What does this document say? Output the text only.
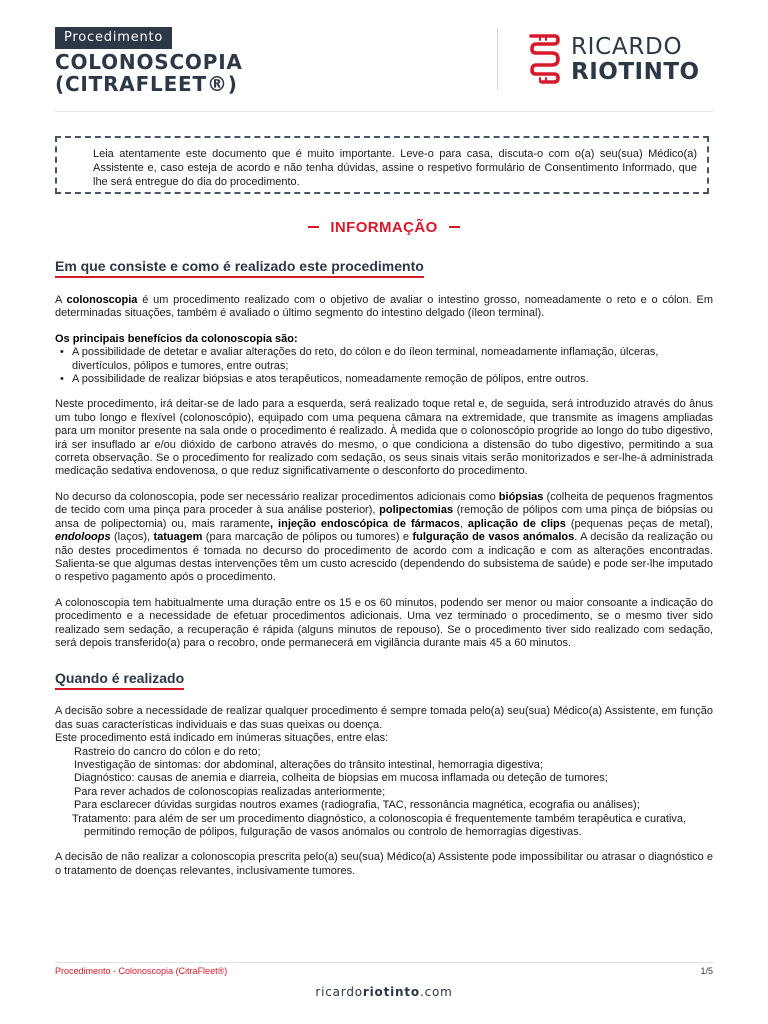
Procedimento
COLONOSCOPIA
(CITRAFLEET®)
RICARDO
RIOTINTO
Leia atentamente este documento que é muito importante. Leve-o para casa, discuta-o com o(a) seu(sua) Médico(a) Assistente e, caso esteja de acordo e não tenha dúvidas, assine o respetivo formulário de Consentimento Informado, que lhe será entregue do dia do procedimento.
INFORMAÇÃO
Em que consiste e como é realizado este procedimento

A colonoscopia é um procedimento realizado com o objetivo de avaliar o intestino grosso, nomeadamente o reto e o cólon. Em determinadas situações, também é avaliado o último segmento do intestino delgado (íleon terminal).

Os principais benefícios da colonoscopia são:

• A possibilidade de detetar e avaliar alterações do reto, do cólon e do íleon terminal, nomeadamente inflamação, úlceras, divertículos, pólipos e tumores, entre outras;
• A possibilidade de realizar biópsias e atos terapêuticos, nomeadamente remoção de pólipos, entre outros.

Neste procedimento, irá deitar-se de lado para a esquerda, será realizado toque retal e, de seguida, será introduzido através do ânus um tubo longo e flexível (colonoscópio), equipado com uma pequena câmara na extremidade, que transmite as imagens ampliadas para um monitor presente na sala onde o procedimento é realizado. À medida que o colonoscópio progride ao longo do tubo digestivo, irá ser insuflado ar e/ou dióxido de carbono através do mesmo, o que condiciona a distensão do tubo digestivo, permitindo a sua correta observação. Se o procedimento for realizado com sedação, os seus sinais vitais serão monitorizados e ser-lhe-á administrada medicação sedativa endovenosa, o que reduz significativamente o desconforto do procedimento.

No decurso da colonoscopia, pode ser necessário realizar procedimentos adicionais como biópsias (colheita de pequenos fragmentos de tecido com uma pinça para proceder à sua análise posterior), polipectomias (remoção de pólipos com uma pinça de biópsias ou ansa de polipectomia) ou, mais raramente, injeção endoscópica de fármacos, aplicação de clips (pequenas peças de metal), endoloops (laços), tatuagem (para marcação de pólipos ou tumores) e fulguração de vasos anómalos. A decisão da realização ou não destes procedimentos é tomada no decurso do procedimento de acordo com a indicação e com as alterações encontradas. Salienta-se que algumas destas intervenções têm um custo acrescido (dependendo do subsistema de saúde) e pode ser-lhe imputado o respetivo pagamento após o procedimento.

A colonoscopia tem habitualmente uma duração entre os 15 e os 60 minutos, podendo ser menor ou maior consoante a indicação do procedimento e a necessidade de efetuar procedimentos adicionais. Uma vez terminado o procedimento, se o mesmo tiver sido realizado sem sedação, a recuperação é rápida (alguns minutos de repouso). Se o procedimento tiver sido realizado com sedação, será depois transferido(a) para o recobro, onde permanecerá em vigilância durante mais 45 a 60 minutos.

Quando é realizado

A decisão sobre a necessidade de realizar qualquer procedimento é sempre tomada pelo(a) seu(sua) Médico(a) Assistente, em função das suas características individuais e das suas queixas ou doença.

Este procedimento está indicado em inúmeras situações, entre elas:

Rastreio do cancro do cólon e do reto;
Investigação de sintomas: dor abdominal, alterações do trânsito intestinal, hemorragia digestiva;
Diagnóstico: causas de anemia e diarreia, colheita de biopsias em mucosa inflamada ou deteção de tumores;
Para rever achados de colonoscopias realizadas anteriormente;
Para esclarecer dúvidas surgidas noutros exames (radiografia, TAC, ressonância magnética, ecografia ou análises);
Tratamento: para além de ser um procedimento diagnóstico, a colonoscopia é frequentemente também terapêutica e curativa,
permitindo remoção de pólipos, fulguração de vasos anómalos ou controlo de hemorragias digestivas.

A decisão de não realizar a colonoscopia prescrita pelo(a) seu(sua) Médico(a) Assistente pode impossibilitar ou atrasar o diagnóstico e o tratamento de doenças relevantes, inclusivamente tumores.

Procedimento - Colonoscopia (CitraFleet®)	1/5
ricardoriotinto.com
